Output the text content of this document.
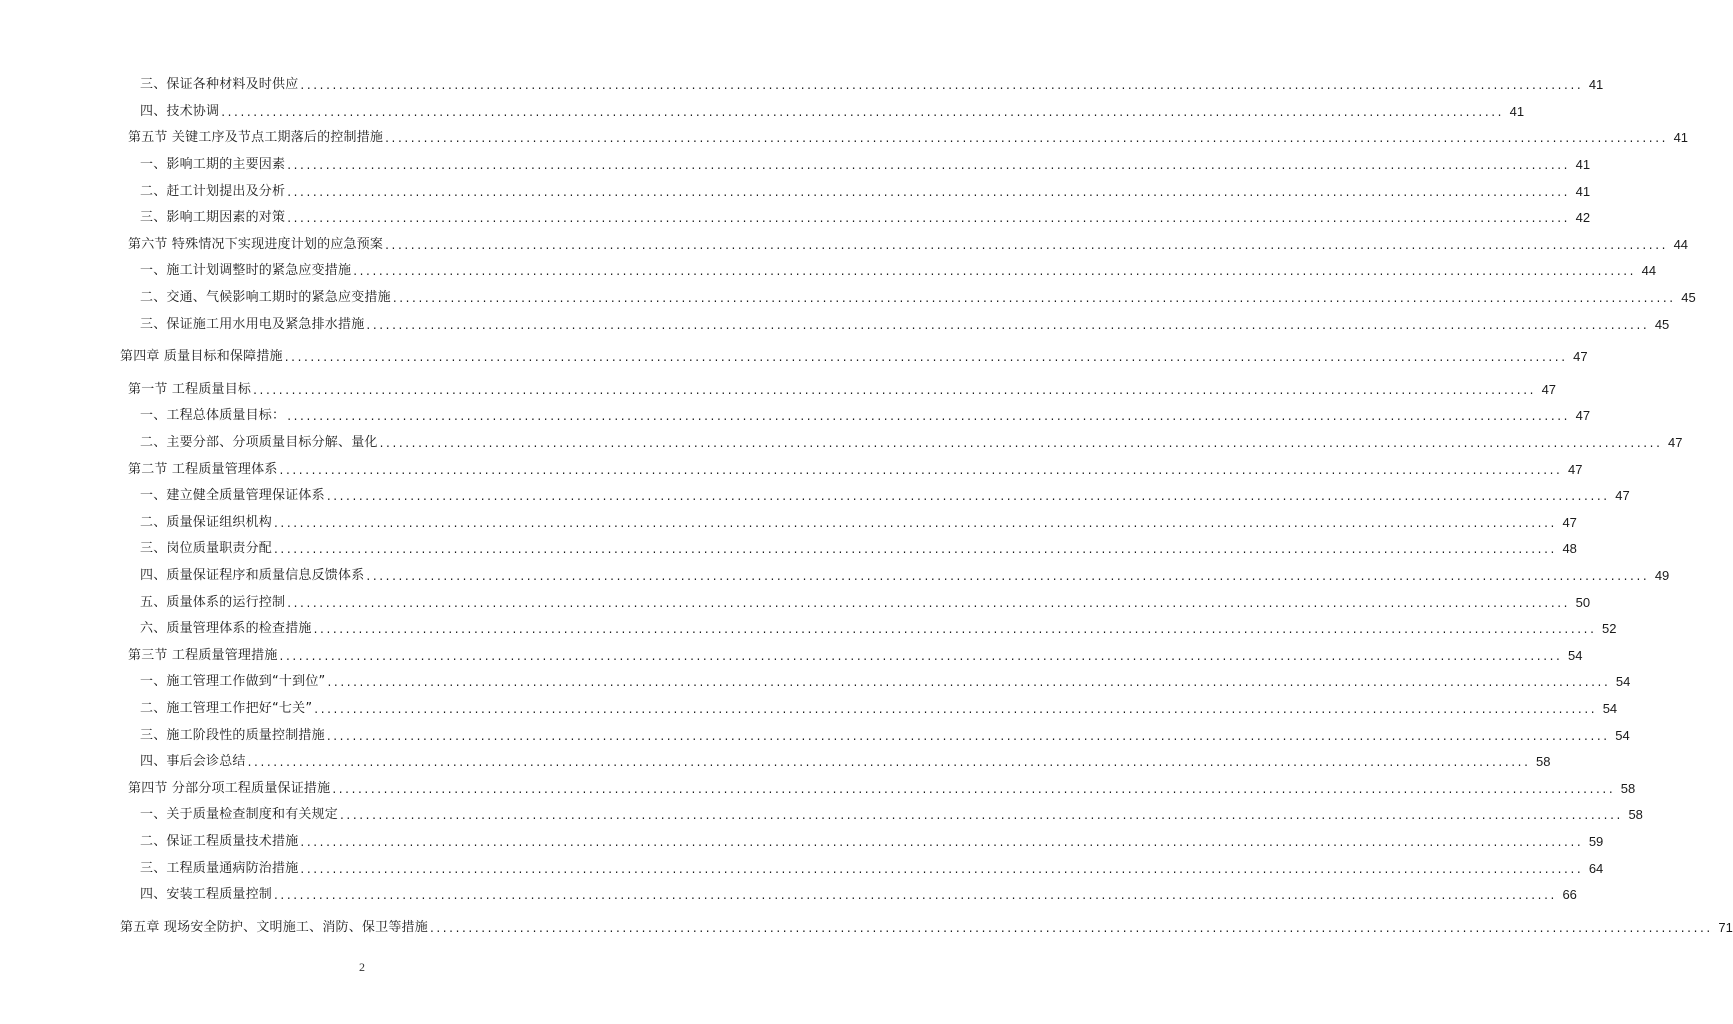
三、保证各种材料及时供应 ........................................................................................................................................................................................................ 41
四、技术协调 ........................................................................................................................................................................................................ 41
第五节 关键工序及节点工期落后的控制措施 ........................................................................................................................................................................................................ 41
一、影响工期的主要因素 ........................................................................................................................................................................................................ 41
二、赶工计划提出及分析 ........................................................................................................................................................................................................ 41
三、影响工期因素的对策 ........................................................................................................................................................................................................ 42
第六节 特殊情况下实现进度计划的应急预案 ........................................................................................................................................................................................................ 44
一、施工计划调整时的紧急应变措施 ........................................................................................................................................................................................................ 44
二、交通、气候影响工期时的紧急应变措施 ........................................................................................................................................................................................................ 45
三、保证施工用水用电及紧急排水措施 ........................................................................................................................................................................................................ 45
第四章 质量目标和保障措施 ........................................................................................................................................................................................................ 47
第一节 工程质量目标 ........................................................................................................................................................................................................ 47
一、工程总体质量目标： ........................................................................................................................................................................................................ 47
二、主要分部、分项质量目标分解、量化 ........................................................................................................................................................................................................ 47
第二节 工程质量管理体系 ........................................................................................................................................................................................................ 47
一、建立健全质量管理保证体系 ........................................................................................................................................................................................................ 47
二、质量保证组织机构 ........................................................................................................................................................................................................ 47
三、岗位质量职责分配 ........................................................................................................................................................................................................ 48
四、质量保证程序和质量信息反馈体系 ........................................................................................................................................................................................................ 49
五、质量体系的运行控制 ........................................................................................................................................................................................................ 50
六、质量管理体系的检查措施 ........................................................................................................................................................................................................ 52
第三节 工程质量管理措施 ........................................................................................................................................................................................................ 54
一、施工管理工作做到“十到位” ........................................................................................................................................................................................................ 54
二、施工管理工作把好“七关” ........................................................................................................................................................................................................ 54
三、施工阶段性的质量控制措施 ........................................................................................................................................................................................................ 54
四、事后会诊总结 ........................................................................................................................................................................................................ 58
第四节 分部分项工程质量保证措施 ........................................................................................................................................................................................................ 58
一、关于质量检查制度和有关规定 ........................................................................................................................................................................................................ 58
二、保证工程质量技术措施 ........................................................................................................................................................................................................ 59
三、工程质量通病防治措施 ........................................................................................................................................................................................................ 64
四、安装工程质量控制 ........................................................................................................................................................................................................ 66
第五章 现场安全防护、文明施工、消防、保卫等措施 ........................................................................................................................................................................................................ 71
2
